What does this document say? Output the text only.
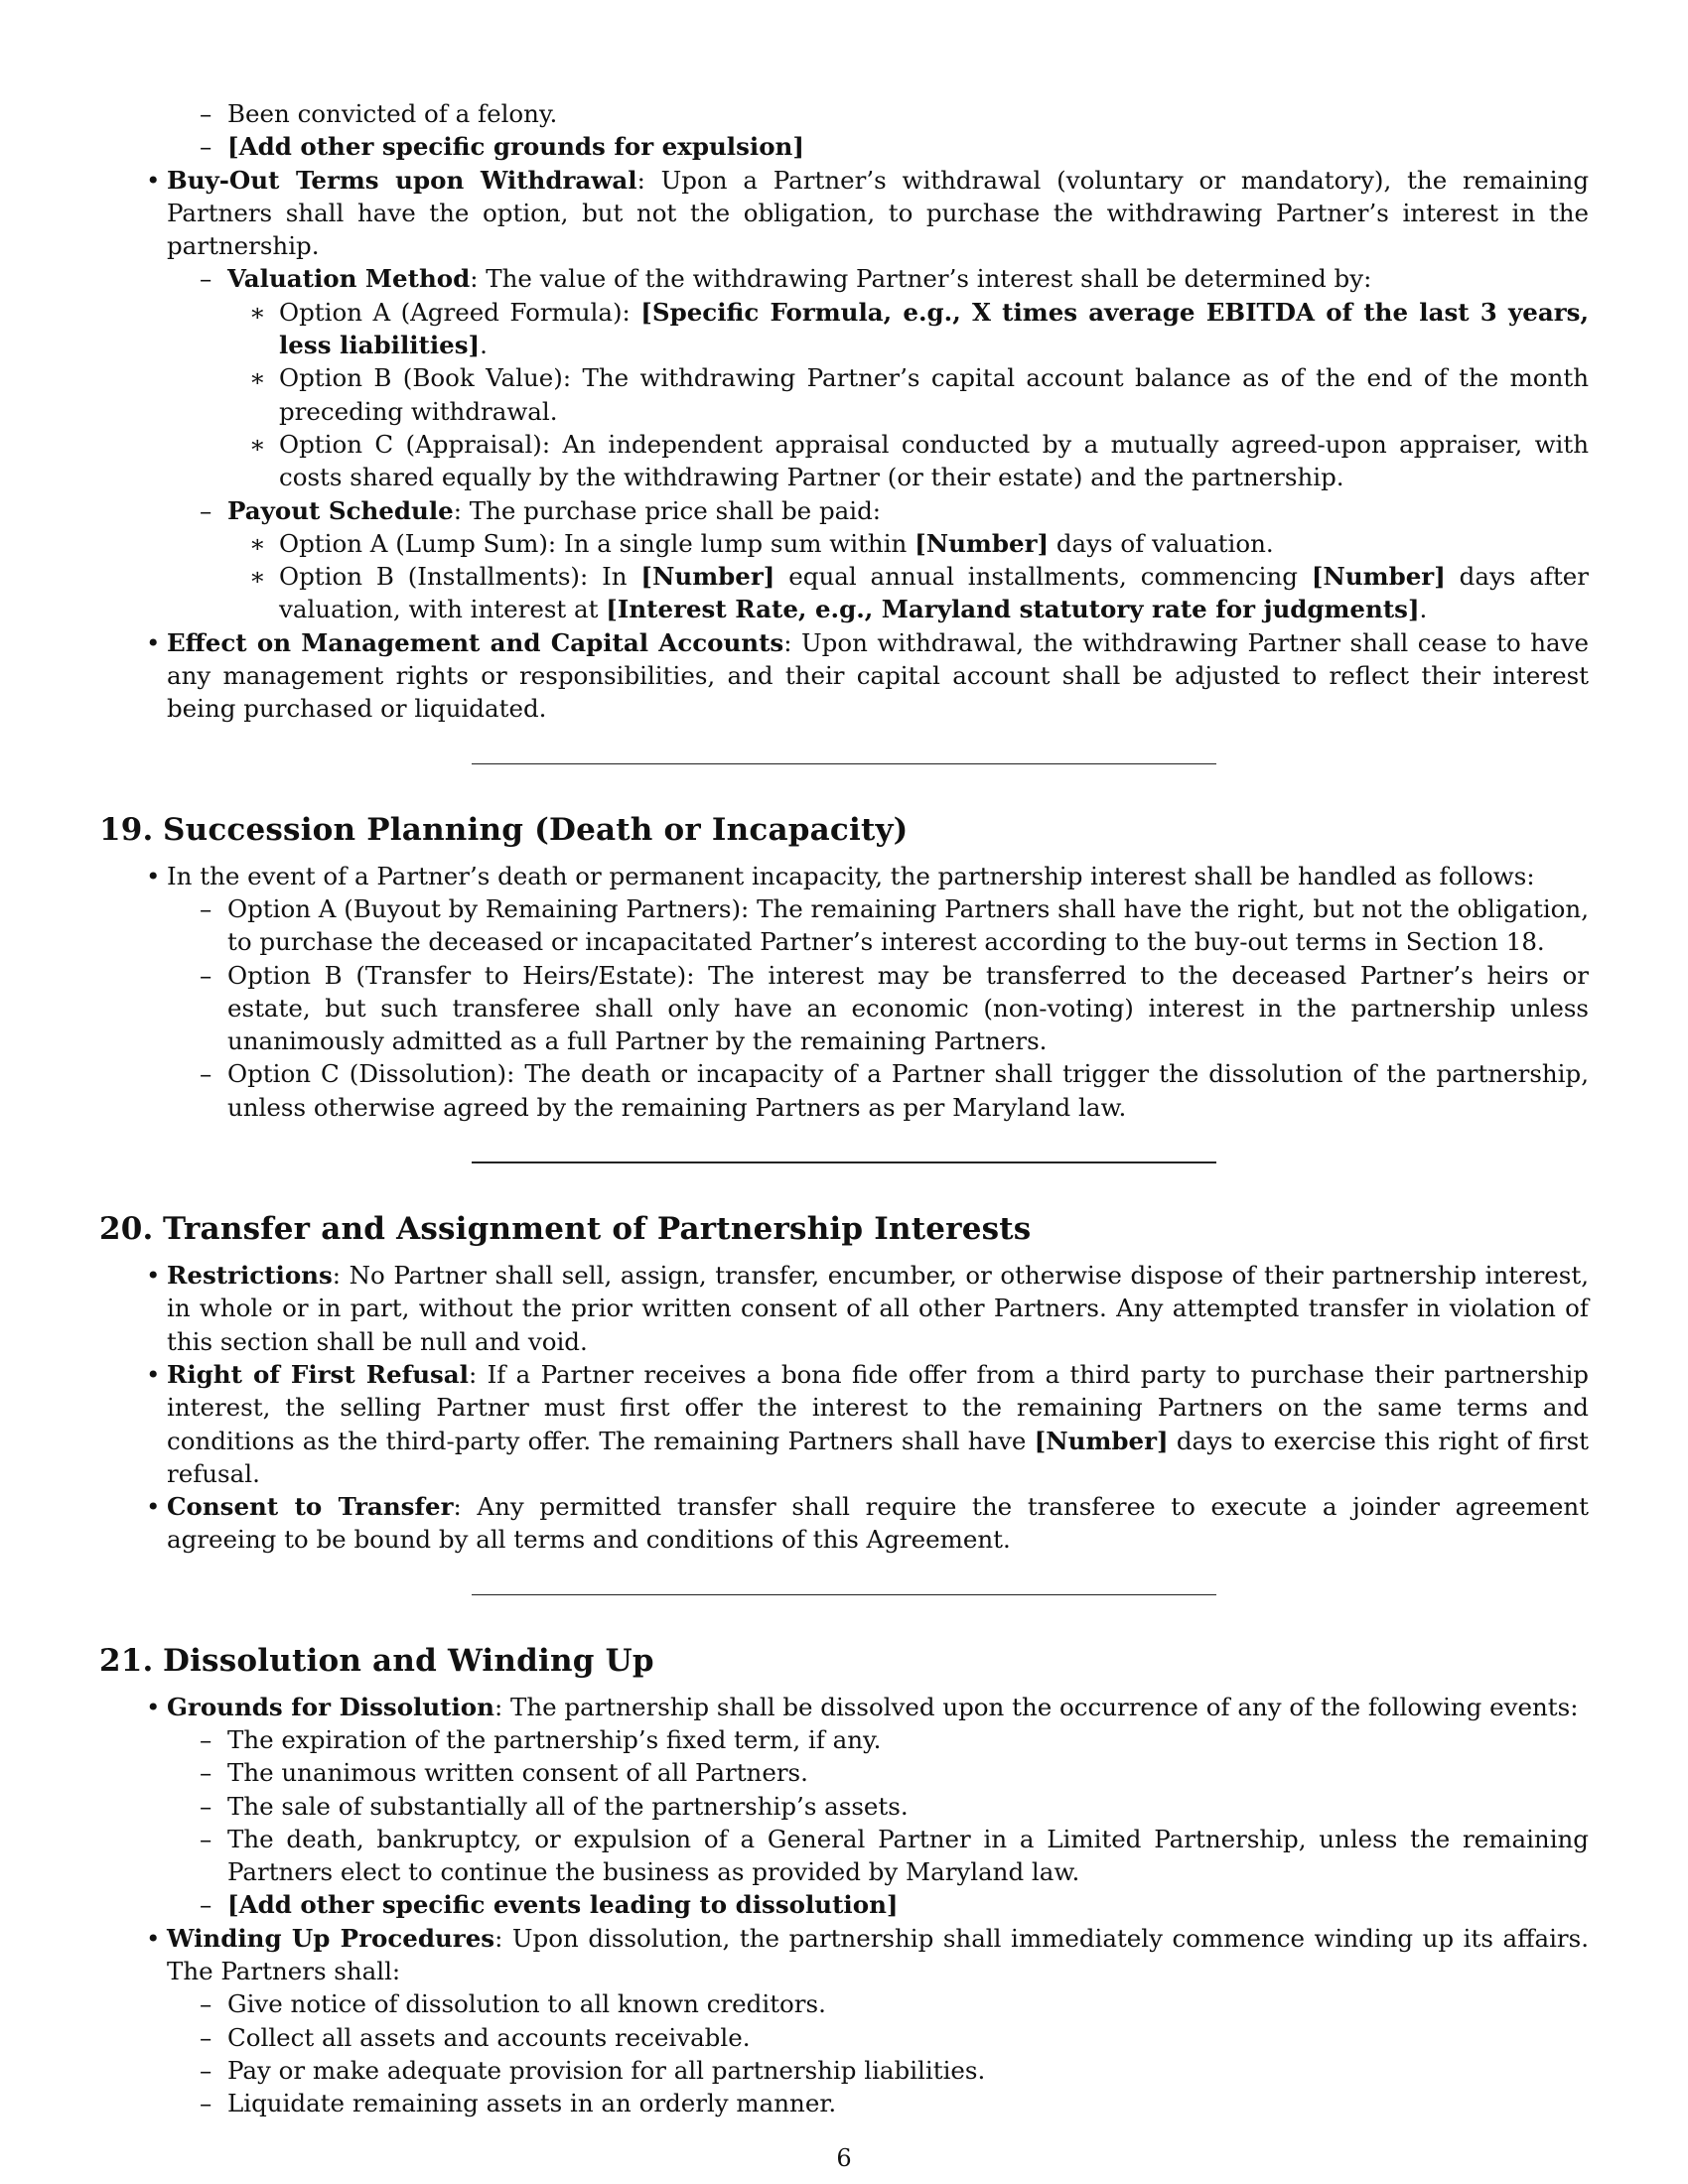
– Been convicted of a felony.

– [Add other specific grounds for expulsion]

• Buy-Out Terms upon Withdrawal: Upon a Partner’s withdrawal (voluntary or mandatory), the remaining Partners shall have the option, but not the obligation, to purchase the withdrawing Partner’s interest in the partnership.

– Valuation Method: The value of the withdrawing Partner’s interest shall be determined by:

∗ Option A (Agreed Formula): [Specific Formula, e.g., X times average EBITDA of the last 3 years, less liabilities].

∗ Option B (Book Value): The withdrawing Partner’s capital account balance as of the end of the month preceding withdrawal.

∗ Option C (Appraisal): An independent appraisal conducted by a mutually agreed-upon appraiser, with costs shared equally by the withdrawing Partner (or their estate) and the partnership.

– Payout Schedule: The purchase price shall be paid:

∗ Option A (Lump Sum): In a single lump sum within [Number] days of valuation.

∗ Option B (Installments): In [Number] equal annual installments, commencing [Number] days after valuation, with interest at [Interest Rate, e.g., Maryland statutory rate for judgments].

• Effect on Management and Capital Accounts: Upon withdrawal, the withdrawing Partner shall cease to have any management rights or responsibilities, and their capital account shall be adjusted to reflect their interest being purchased or liquidated.

19. Succession Planning (Death or Incapacity)

• In the event of a Partner’s death or permanent incapacity, the partnership interest shall be handled as follows:

– Option A (Buyout by Remaining Partners): The remaining Partners shall have the right, but not the obligation, to purchase the deceased or incapacitated Partner’s interest according to the buy-out terms in Section 18.

– Option B (Transfer to Heirs/Estate): The interest may be transferred to the deceased Partner’s heirs or estate, but such transferee shall only have an economic (non-voting) interest in the partnership unless unanimously admitted as a full Partner by the remaining Partners.

– Option C (Dissolution): The death or incapacity of a Partner shall trigger the dissolution of the partnership, unless otherwise agreed by the remaining Partners as per Maryland law.

20. Transfer and Assignment of Partnership Interests

• Restrictions: No Partner shall sell, assign, transfer, encumber, or otherwise dispose of their partnership interest, in whole or in part, without the prior written consent of all other Partners. Any attempted transfer in violation of this section shall be null and void.

• Right of First Refusal: If a Partner receives a bona fide offer from a third party to purchase their partnership interest, the selling Partner must first offer the interest to the remaining Partners on the same terms and conditions as the third-party offer. The remaining Partners shall have [Number] days to exercise this right of first refusal.

• Consent to Transfer: Any permitted transfer shall require the transferee to execute a joinder agreement agreeing to be bound by all terms and conditions of this Agreement.

21. Dissolution and Winding Up

• Grounds for Dissolution: The partnership shall be dissolved upon the occurrence of any of the following events:

– The expiration of the partnership’s fixed term, if any.

– The unanimous written consent of all Partners.

– The sale of substantially all of the partnership’s assets.

– The death, bankruptcy, or expulsion of a General Partner in a Limited Partnership, unless the remaining Partners elect to continue the business as provided by Maryland law.

– [Add other specific events leading to dissolution]

• Winding Up Procedures: Upon dissolution, the partnership shall immediately commence winding up its affairs. The Partners shall:

– Give notice of dissolution to all known creditors.

– Collect all assets and accounts receivable.

– Pay or make adequate provision for all partnership liabilities.

– Liquidate remaining assets in an orderly manner.

6
